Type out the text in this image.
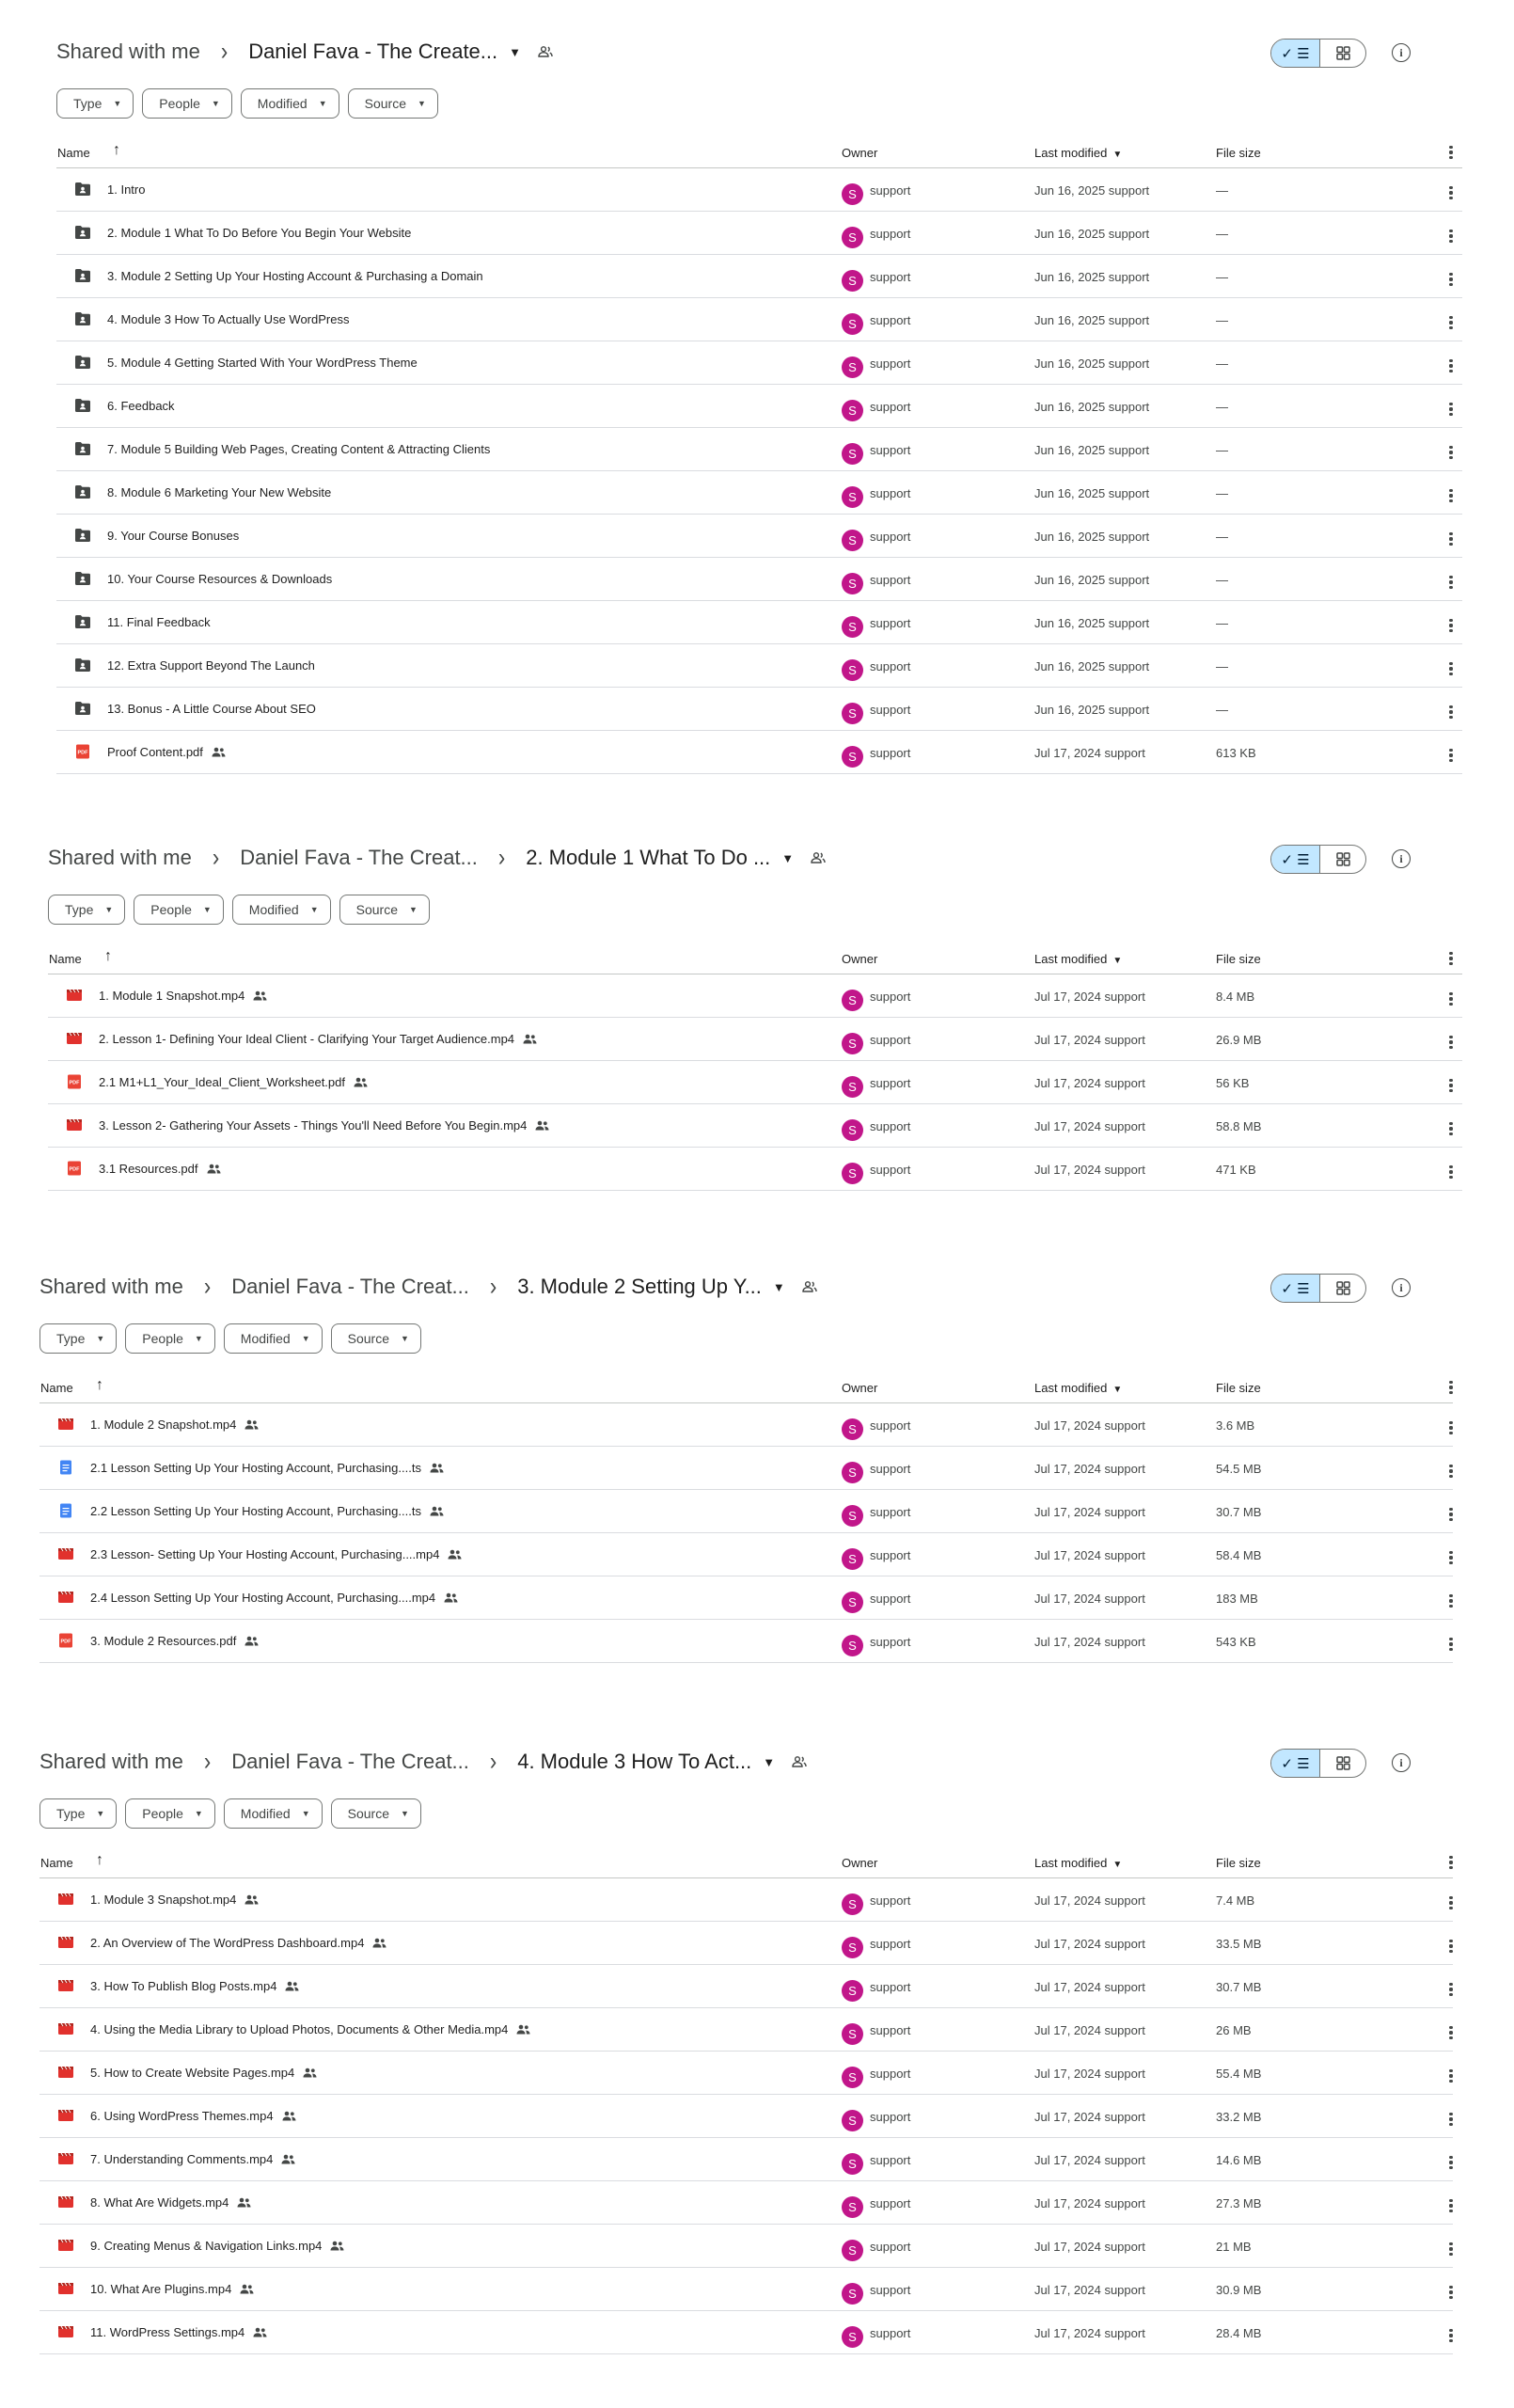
Shared with me › Daniel Fava - The Create... ▼	✓ ☰	i
Type ▼	People ▼	Modified ▼	Source ▼
Name ↑	Owner	Last modified ▼	File size
1. Intro	S	support	Jun 16, 2025 support	—
2. Module 1 What To Do Before You Begin Your Website	S	support	Jun 16, 2025 support	—
3. Module 2 Setting Up Your Hosting Account & Purchasing a Domain	S	support	Jun 16, 2025 support	—
4. Module 3 How To Actually Use WordPress	S	support	Jun 16, 2025 support	—
5. Module 4 Getting Started With Your WordPress Theme	S	support	Jun 16, 2025 support	—
6. Feedback	S	support	Jun 16, 2025 support	—
7. Module 5 Building Web Pages, Creating Content & Attracting Clients	S	support	Jun 16, 2025 support	—
8. Module 6 Marketing Your New Website	S	support	Jun 16, 2025 support	—
9. Your Course Bonuses	S	support	Jun 16, 2025 support	—
10. Your Course Resources & Downloads	S	support	Jun 16, 2025 support	—
11. Final Feedback	S	support	Jun 16, 2025 support	—
12. Extra Support Beyond The Launch	S	support	Jun 16, 2025 support	—
13. Bonus - A Little Course About SEO	S	support	Jun 16, 2025 support	—
PDF Proof Content.pdf	S	support	Jul 17, 2024 support	613 KB
Shared with me › Daniel Fava - The Creat... › 2. Module 1 What To Do ... ▼	✓ ☰	i
Type ▼	People ▼	Modified ▼	Source ▼
Name ↑	Owner	Last modified ▼	File size
1. Module 1 Snapshot.mp4	S	support	Jul 17, 2024 support	8.4 MB
2. Lesson 1- Defining Your Ideal Client - Clarifying Your Target Audience.mp4	S	support	Jul 17, 2024 support	26.9 MB
PDF 2.1 M1+L1_Your_Ideal_Client_Worksheet.pdf	S	support	Jul 17, 2024 support	56 KB
3. Lesson 2- Gathering Your Assets - Things You'll Need Before You Begin.mp4	S	support	Jul 17, 2024 support	58.8 MB
PDF 3.1 Resources.pdf	S	support	Jul 17, 2024 support	471 KB
Shared with me › Daniel Fava - The Creat... › 3. Module 2 Setting Up Y... ▼	✓ ☰	i
Type ▼	People ▼	Modified ▼	Source ▼
Name ↑	Owner	Last modified ▼	File size
1. Module 2 Snapshot.mp4	S	support	Jul 17, 2024 support	3.6 MB
2.1 Lesson Setting Up Your Hosting Account, Purchasing....ts	S	support	Jul 17, 2024 support	54.5 MB
2.2 Lesson Setting Up Your Hosting Account, Purchasing....ts	S	support	Jul 17, 2024 support	30.7 MB
2.3 Lesson- Setting Up Your Hosting Account, Purchasing....mp4	S	support	Jul 17, 2024 support	58.4 MB
2.4 Lesson Setting Up Your Hosting Account, Purchasing....mp4	S	support	Jul 17, 2024 support	183 MB
PDF 3. Module 2 Resources.pdf	S	support	Jul 17, 2024 support	543 KB
Shared with me › Daniel Fava - The Creat... › 4. Module 3 How To Act... ▼	✓ ☰	i
Type ▼	People ▼	Modified ▼	Source ▼
Name ↑	Owner	Last modified ▼	File size
1. Module 3 Snapshot.mp4	S	support	Jul 17, 2024 support	7.4 MB
2. An Overview of The WordPress Dashboard.mp4	S	support	Jul 17, 2024 support	33.5 MB
3. How To Publish Blog Posts.mp4	S	support	Jul 17, 2024 support	30.7 MB
4. Using the Media Library to Upload Photos, Documents & Other Media.mp4	S	support	Jul 17, 2024 support	26 MB
5. How to Create Website Pages.mp4	S	support	Jul 17, 2024 support	55.4 MB
6. Using WordPress Themes.mp4	S	support	Jul 17, 2024 support	33.2 MB
7. Understanding Comments.mp4	S	support	Jul 17, 2024 support	14.6 MB
8. What Are Widgets.mp4	S	support	Jul 17, 2024 support	27.3 MB
9. Creating Menus & Navigation Links.mp4	S	support	Jul 17, 2024 support	21 MB
10. What Are Plugins.mp4	S	support	Jul 17, 2024 support	30.9 MB
11. WordPress Settings.mp4	S	support	Jul 17, 2024 support	28.4 MB
